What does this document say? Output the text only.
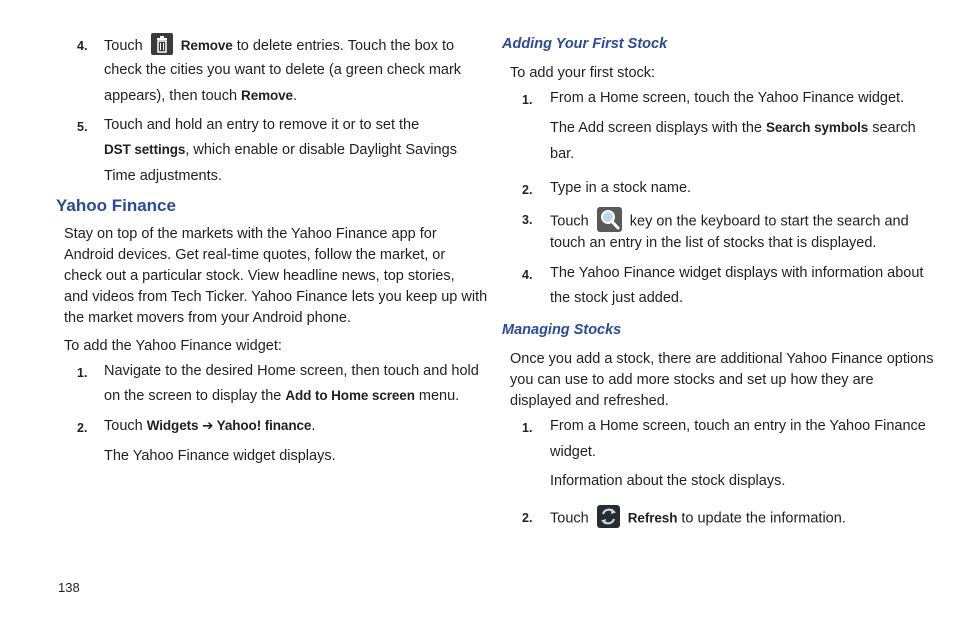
4. Touch	Remove to delete entries. Touch the box to
check the cities you want to delete (a green check mark
appears), then touch Remove.
5. Touch and hold an entry to remove it or to set the
DST settings, which enable or disable Daylight Savings
Time adjustments.
Yahoo Finance
Stay on top of the markets with the Yahoo Finance app for
Android devices. Get real-time quotes, follow the market, or
check out a particular stock. View headline news, top stories,
and videos from Tech Ticker. Yahoo Finance lets you keep up with
the market movers from your Android phone.
To add the Yahoo Finance widget:
1. Navigate to the desired Home screen, then touch and hold
on the screen to display the Add to Home screen menu.
2. Touch Widgets ➔ Yahoo! finance.
The Yahoo Finance widget displays.
Adding Your First Stock
To add your first stock:
1. From a Home screen, touch the Yahoo Finance widget.
The Add screen displays with the Search symbols search
bar.
2. Type in a stock name.
3. Touch	key on the keyboard to start the search and
touch an entry in the list of stocks that is displayed.
4. The Yahoo Finance widget displays with information about
the stock just added.
Managing Stocks
Once you add a stock, there are additional Yahoo Finance options
you can use to add more stocks and set up how they are
displayed and refreshed.
1. From a Home screen, touch an entry in the Yahoo Finance
widget.
Information about the stock displays.
2. Touch	Refresh to update the information.
138
